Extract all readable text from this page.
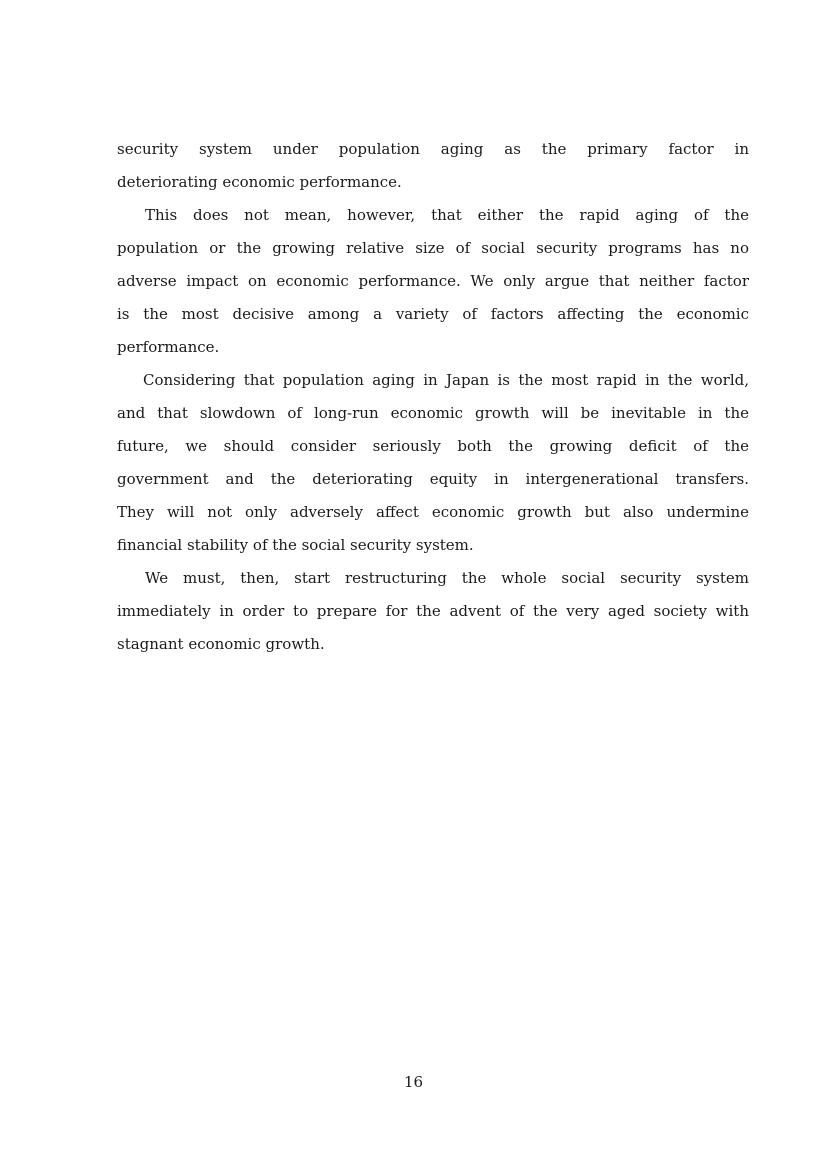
security system under population aging as the primary factor in
deteriorating economic performance.
This does not mean, however, that either the rapid aging of the
population or the growing relative size of social security programs has no
adverse impact on economic performance. We only argue that neither factor
is the most decisive among a variety of factors affecting the economic
performance.
Considering that population aging in Japan is the most rapid in the world,
and that slowdown of long-run economic growth will be inevitable in the
future, we should consider seriously both the growing deficit of the
government and the deteriorating equity in intergenerational transfers.
They will not only adversely affect economic growth but also undermine
financial stability of the social security system.
We must, then, start restructuring the whole social security system
immediately in order to prepare for the advent of the very aged society with
stagnant economic growth.
16
